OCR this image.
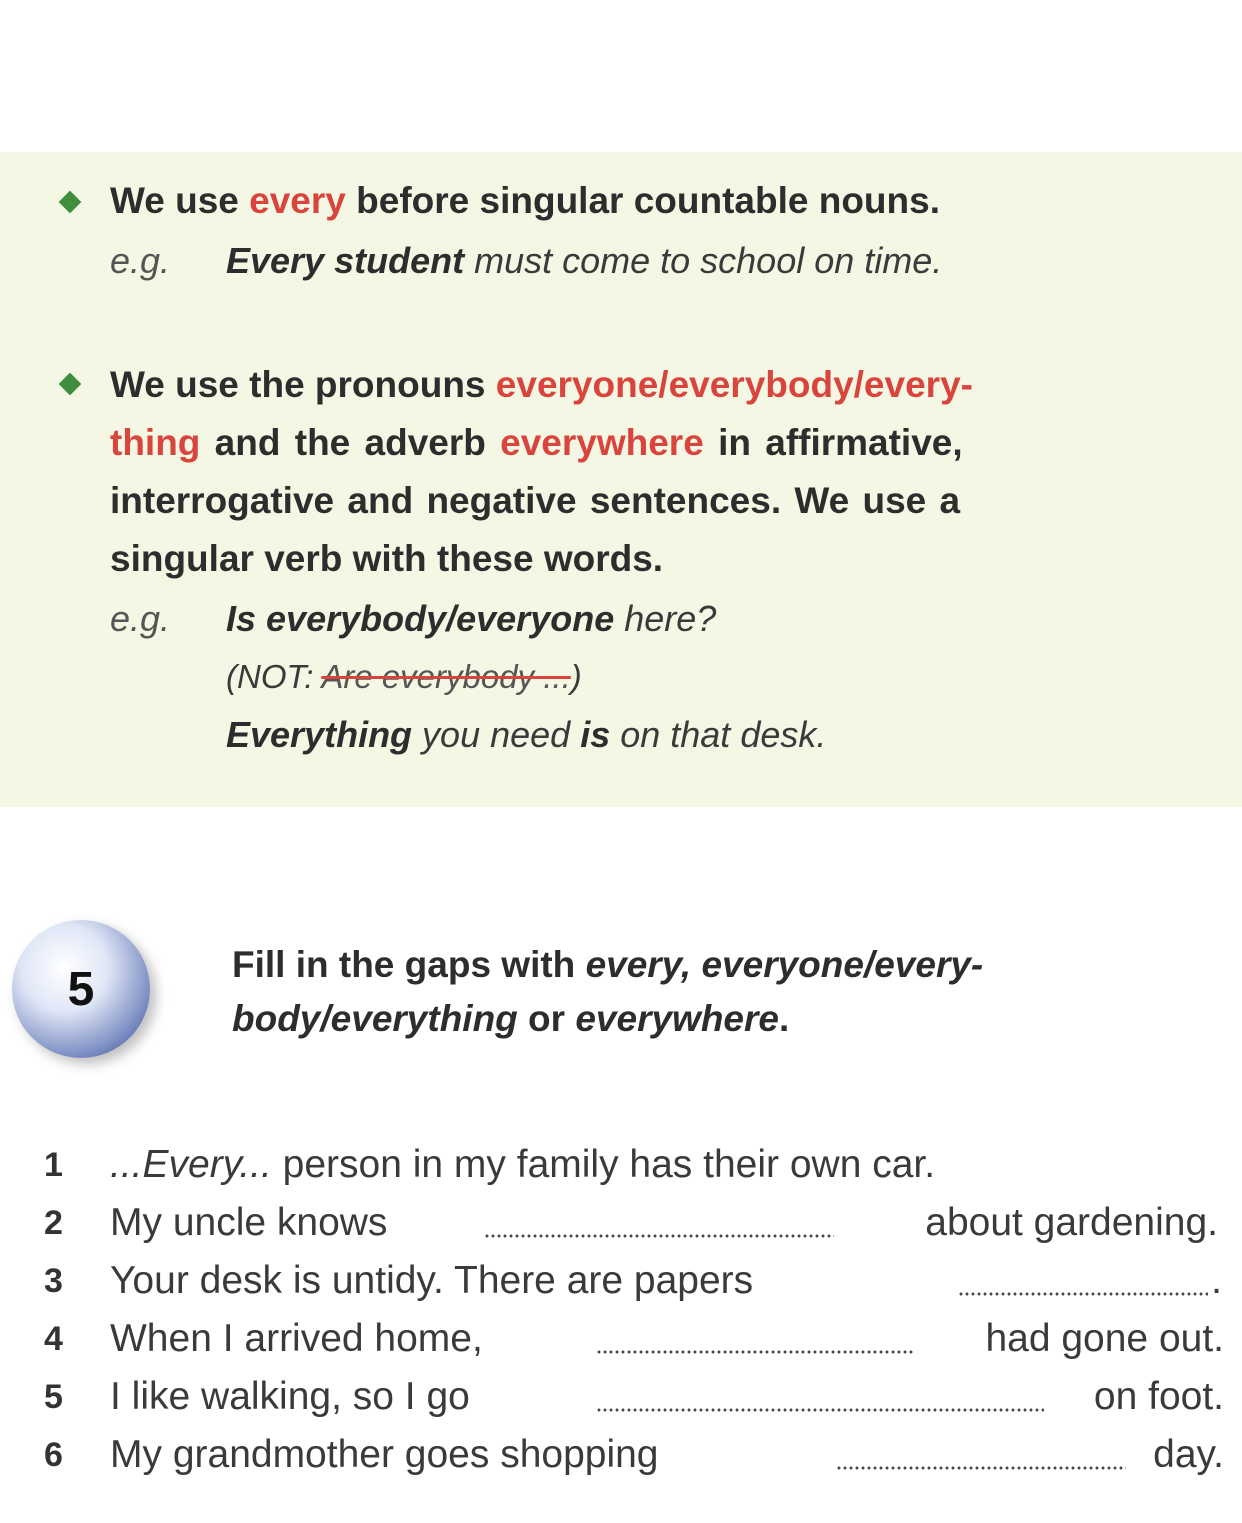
We use every before singular countable nouns.
e.g. Every student must come to school on time.
We use the pronouns everyone/everybody/every-
thing and the adverb everywhere in affirmative,
interrogative and negative sentences. We use a
singular verb with these words.
e.g. Is everybody/everyone here?
(NOT: Are everybody ...)
Everything you need is on that desk.
5	Fill in the gaps with every, everyone/every-
body/everything or everywhere.
1 ...Every... person in my family has their own car.
2 My uncle knows	about gardening.
3 Your desk is untidy. There are papers	.
4 When I arrived home,	had gone out.
5 I like walking, so I go	on foot.
6 My grandmother goes shopping	day.
